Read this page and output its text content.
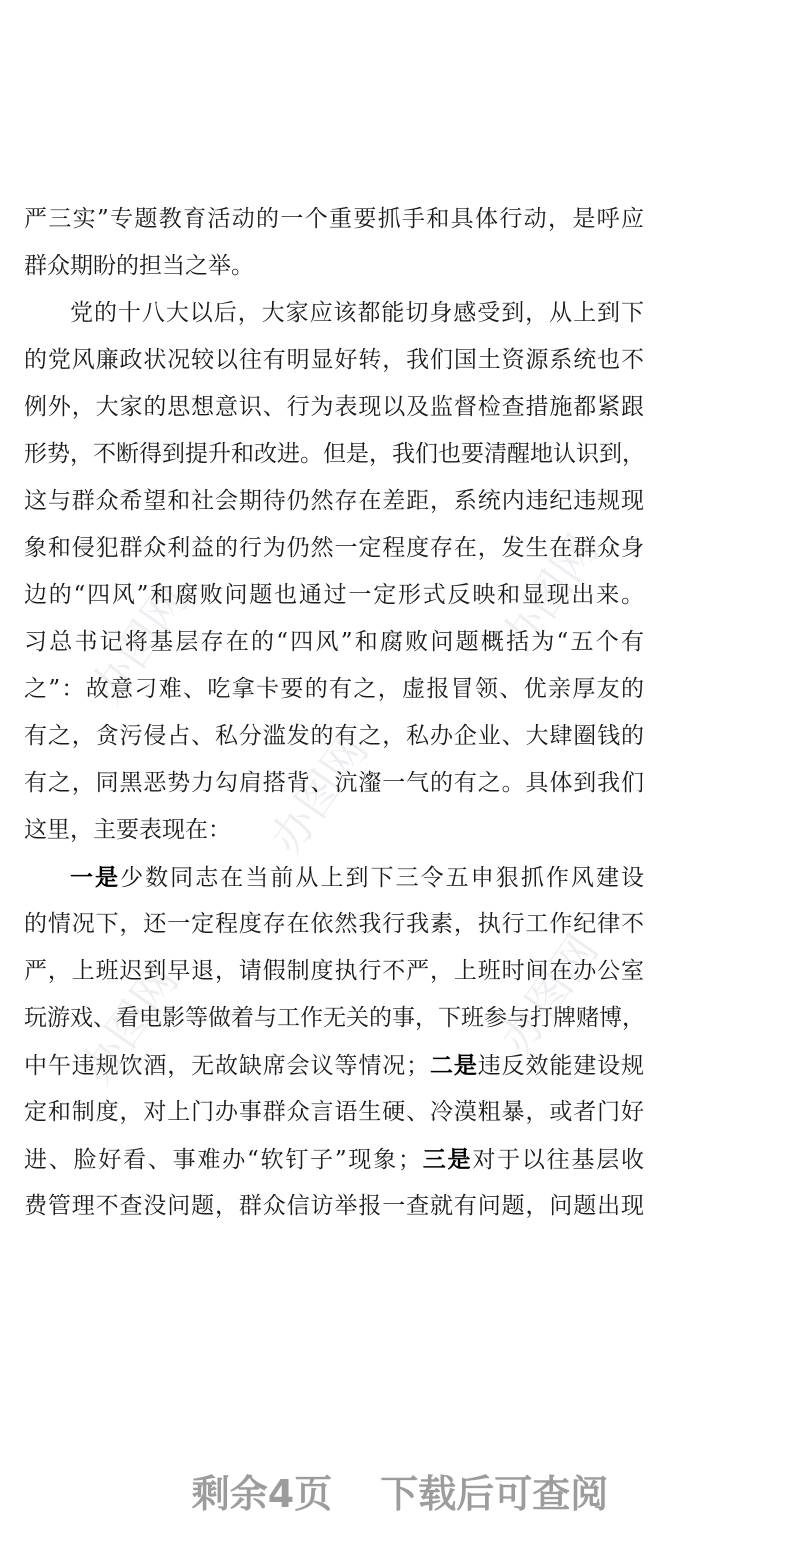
办图网	办图网
办图网
办图网	办图网
严三实”专题教育活动的一个重要抓手和具体行动，是呼应
群众期盼的担当之举。
党的十八大以后，大家应该都能切身感受到，从上到下
的党风廉政状况较以往有明显好转，我们国土资源系统也不
例外，大家的思想意识、行为表现以及监督检查措施都紧跟
形势，不断得到提升和改进。但是，我们也要清醒地认识到，
这与群众希望和社会期待仍然存在差距，系统内违纪违规现
象和侵犯群众利益的行为仍然一定程度存在，发生在群众身
边的“四风”和腐败问题也通过一定形式反映和显现出来。
习总书记将基层存在的“四风”和腐败问题概括为“五个有
之”：故意刁难、吃拿卡要的有之，虚报冒领、优亲厚友的
有之，贪污侵占、私分滥发的有之，私办企业、大肆圈钱的
有之，同黑恶势力勾肩搭背、沆瀣一气的有之。具体到我们
这里，主要表现在：
一是少数同志在当前从上到下三令五申狠抓作风建设
的情况下，还一定程度存在依然我行我素，执行工作纪律不
严，上班迟到早退，请假制度执行不严，上班时间在办公室
玩游戏、看电影等做着与工作无关的事，下班参与打牌赌博，
中午违规饮酒，无故缺席会议等情况；二是违反效能建设规
定和制度，对上门办事群众言语生硬、冷漠粗暴，或者门好
进、脸好看、事难办“软钉子”现象；三是对于以往基层收
费管理不查没问题，群众信访举报一查就有问题，问题出现
剩余4页 下载后可查阅
